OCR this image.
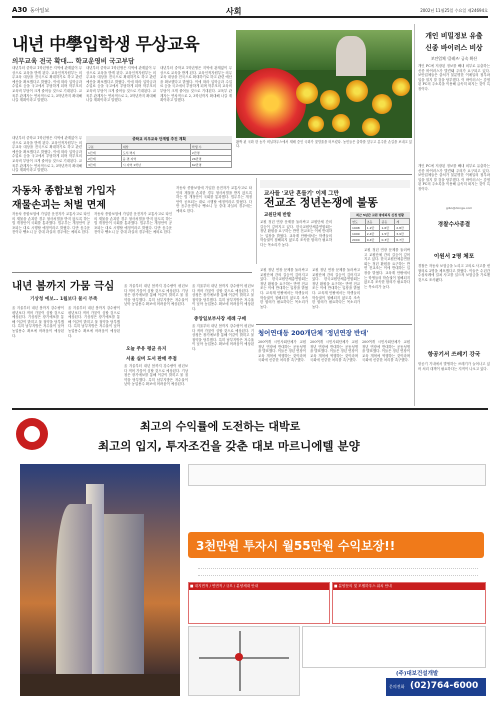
A30 동아일보	사회	2002년 11월25일 수요일 제24694호
내년 中學입학생 무상교육
의무교육 전국 확대… 학교운영비 국고부담
내년부터 중학교 1학년생은 지역에 관계없이 무상으로 교육을 받게 된다. 교육인적자원부는 의무교육 대상을 전국으로 확대하기로 하고 관련 예산을 확보했다고 밝혔다. 이에 따라 입학금과 수업료 등을 국고에서 부담하게 되며 학부모의 교육비 부담이 크게 줄어들 것으로 기대된다. 교육부 관계자는 연차적으로 2, 3학년까지 확대해 나갈 계획이라고 말했다.
내년부터 중학교 1학년생은 지역에 관계없이 무상으로 교육을 받게 된다. 교육인적자원부는 의무교육 대상을 전국으로 확대하기로 하고 관련 예산을 확보했다고 밝혔다. 이에 따라 입학금과 수업료 등을 국고에서 부담하게 되며 학부모의 교육비 부담이 크게 줄어들 것으로 기대된다. 교육부 관계자는 연차적으로 2, 3학년까지 확대해 나갈 계획이라고 말했다.
내년부터 중학교 1학년생은 지역에 관계없이 무상으로 교육을 받게 된다. 교육인적자원부는 의무교육 대상을 전국으로 확대하기로 하고 관련 예산을 확보했다고 밝혔다. 이에 따라 입학금과 수업료 등을 국고에서 부담하게 되며 학부모의 교육비 부담이 크게 줄어들 것으로 기대된다. 교육부 관계자는 연차적으로 2, 3학년까지 확대해 나갈 계획이라고 말했다.
중학교 의무교육 단계별 추진 계획
구분	대상	학생 수
1단계	도서·벽지	2만명
2단계	읍·면 지역	26만명
3단계	시 지역 1학년	62만명
내년부터 중학교 1학년생은 지역에 관계없이 무상으로 교육을 받게 된다. 교육인적자원부는 의무교육 대상을 전국으로 확대하기로 하고 관련 예산을 확보했다고 밝혔다. 이에 따라 입학금과 수업료 등을 국고에서 부담하게 되며 학부모의 교육비 부담이 크게 줄어들 것으로 기대된다. 교육부 관계자는 연차적으로 2, 3학년까지 확대해 나갈 계획이라고 말했다.
활짝 핀 국화 한 농가 비닐하우스에서 재배 중인 국화가 꽃망울을 터뜨렸다. 농민들은 출하를 앞두고 분주한 손길을 보내고 있다.
개인 비밀정보 유출
신종 바이러스 비상
보안업체 '클레즈' 급속 확산
개인 PC에 저장된 정보를 빼내 외부로 유출하는 신종 바이러스가 발견돼 주의가 요구되고 있다. 보안업체들은 출처가 불분명한 이메일의 첨부파일을 열지 말 것을 당부했다. 이 바이러스는 감염된 PC의 주소록을 이용해 급속히 퍼지는 것이 특징이다.
개인 PC에 저장된 정보를 빼내 외부로 유출하는 신종 바이러스가 발견돼 주의가 요구되고 있다. 보안업체들은 출처가 불분명한 이메일의 첨부파일을 열지 말 것을 당부했다. 이 바이러스는 감염된 PC의 주소록을 이용해 급속히 퍼지는 것이 특징이다.
gibo@donga.com
경찰수사종결
이원서 2명 체포
경찰은 자동차 보험금을 노리고 고의로 사고를 낸 혐의로 2명을 체포했다고 밝혔다. 이들은 수년간 수십차례에 걸쳐 사고를 일으켜 보험금을 가로챈 것으로 조사됐다.
항공기서 쓰레기 강국
항공기 기내에서 발생하는 쓰레기가 늘어나고 있어 처리 대책이 필요하다는 지적이 나오고 있다.
자동차 종합보험 가입자
재물손괴는 처벌 면제
자동차 종합보험에 가입한 운전자가 교통사고로 타인의 재물을 손괴한 경우 형사처벌을 받지 않도록 하는 법 개정안이 국회를 통과했다. 법무부는 개정안이 공포되는 대로 시행할 예정이라고 밝혔다. 다만 음주운전이나 뺑소니 등 중대 과실의 경우에는 예외로 한다.
자동차 종합보험에 가입한 운전자가 교통사고로 타인의 재물을 손괴한 경우 형사처벌을 받지 않도록 하는 법 개정안이 국회를 통과했다. 법무부는 개정안이 공포되는 대로 시행할 예정이라고 밝혔다. 다만 음주운전이나 뺑소니 등 중대 과실의 경우에는 예외로 한다.
자동차 종합보험에 가입한 운전자가 교통사고로 타인의 재물을 손괴한 경우 형사처벌을 받지 않도록 하는 법 개정안이 국회를 통과했다. 법무부는 개정안이 공포되는 대로 시행할 예정이라고 밝혔다. 다만 음주운전이나 뺑소니 등 중대 과실의 경우에는 예외로 한다.
교사들 '교단 흔들기' 이제 그만
전교조 정년논쟁에 불똥
교원단체 반발
교원 정년 연장 문제를 둘러싸고 교원단체 간의 갈등이 깊어지고 있다. 한국교원단체총연합회는 정년 환원을 요구하는 반면 전교조는 이에 반대하는 입장을 밝혔다. 교육계 안팎에서는 학생들의 학습권이 침해되지 않도록 조속한 합의가 필요하다는 목소리가 높다.
최근 5년간 교원 명예퇴직 신청 현황
연도	초등	중등	계
1998	1.2만	1.6만	2.8만
1999	2.4만	1.5만	3.9만
2000	0.4만	0.3만	0.7만
교원 정년 연장 문제를 둘러싸고 교원단체 간의 갈등이 깊어지고 있다. 한국교원단체총연합회는 정년 환원을 요구하는 반면 전교조는 이에 반대하는 입장을 밝혔다. 교육계 안팎에서는 학생들의 학습권이 침해되지 않도록 조속한 합의가 필요하다는 목소리가 높다.
교원 정년 연장 문제를 둘러싸고 교원단체 간의 갈등이 깊어지고 있다. 한국교원단체총연합회는 정년 환원을 요구하는 반면 전교조는 이에 반대하는 입장을 밝혔다. 교육계 안팎에서는 학생들의 학습권이 침해되지 않도록 조속한 합의가 필요하다는 목소리가 높다.
교원 정년 연장 문제를 둘러싸고 교원단체 간의 갈등이 깊어지고 있다. 한국교원단체총연합회는 정년 환원을 요구하는 반면 전교조는 이에 반대하는 입장을 밝혔다. 교육계 안팎에서는 학생들의 학습권이 침해되지 않도록 조속한 합의가 필요하다는 목소리가 높다.
내년 봄까지 가뭄 극심
기상청 예보… 1월보다 물시 부족
올 겨울부터 내년 봄까지 강수량이 평년보다 적어 가뭄이 심할 것으로 예상된다. 기상청은 장기예보를 통해 이같이 밝히고 물 절약을 당부했다. 특히 남부지방은 저수율이 낮아 농업용수 확보에 어려움이 예상된다.
올 겨울부터 내년 봄까지 강수량이 평년보다 적어 가뭄이 심할 것으로 예상된다. 기상청은 장기예보를 통해 이같이 밝히고 물 절약을 당부했다. 특히 남부지방은 저수율이 낮아 농업용수 확보에 어려움이 예상된다.
올 겨울부터 내년 봄까지 강수량이 평년보다 적어 가뭄이 심할 것으로 예상된다. 기상청은 장기예보를 통해 이같이 밝히고 물 절약을 당부했다. 특히 남부지방은 저수율이 낮아 농업용수 확보에 어려움이 예상된다.
오늘 주유 평균 유지
서울 실버 도서 판매 주점
올 겨울부터 내년 봄까지 강수량이 평년보다 적어 가뭄이 심할 것으로 예상된다. 기상청은 장기예보를 통해 이같이 밝히고 물 절약을 당부했다. 특히 남부지방은 저수율이 낮아 농업용수 확보에 어려움이 예상된다.
중앙일보부사장 세례 구매
올 겨울부터 내년 봄까지 강수량이 평년보다 적어 가뭄이 심할 것으로 예상된다. 기상청은 장기예보를 통해 이같이 밝히고 물 절약을 당부했다. 특히 남부지방은 저수율이 낮아 농업용수 확보에 어려움이 예상된다.
올 겨울부터 내년 봄까지 강수량이 평년보다 적어 가뭄이 심할 것으로 예상된다. 기상청은 장기예보를 통해 이같이 밝히고 물 절약을 당부했다. 특히 남부지방은 저수율이 낮아 농업용수 확보에 어려움이 예상된다.
청어연대등 200개단체 '정년연장 반대'
200여개 시민사회단체가 교원 정년 연장에 반대하는 공동성명을 발표했다. 이들은 정년 연장이 교육 개혁에 역행하는 것이라며 국회에 신중한 처리를 촉구했다.
200여개 시민사회단체가 교원 정년 연장에 반대하는 공동성명을 발표했다. 이들은 정년 연장이 교육 개혁에 역행하는 것이라며 국회에 신중한 처리를 촉구했다.
200여개 시민사회단체가 교원 정년 연장에 반대하는 공동성명을 발표했다. 이들은 정년 연장이 교육 개혁에 역행하는 것이라며 국회에 신중한 처리를 촉구했다.
최고의 수익률에 도전하는 대박로
최고의 입지, 투자조건을 갖춘 대보 마르니에텔 분양
3천만원 투자시 월55만원 수익보장!!
■ 대지면적 / 연면적 / 규모 / 분양세대 안내	■ 분양문의 및 모델하우스 위치 안내
(주)대보건설개발
문의전화 (02)764-6000
